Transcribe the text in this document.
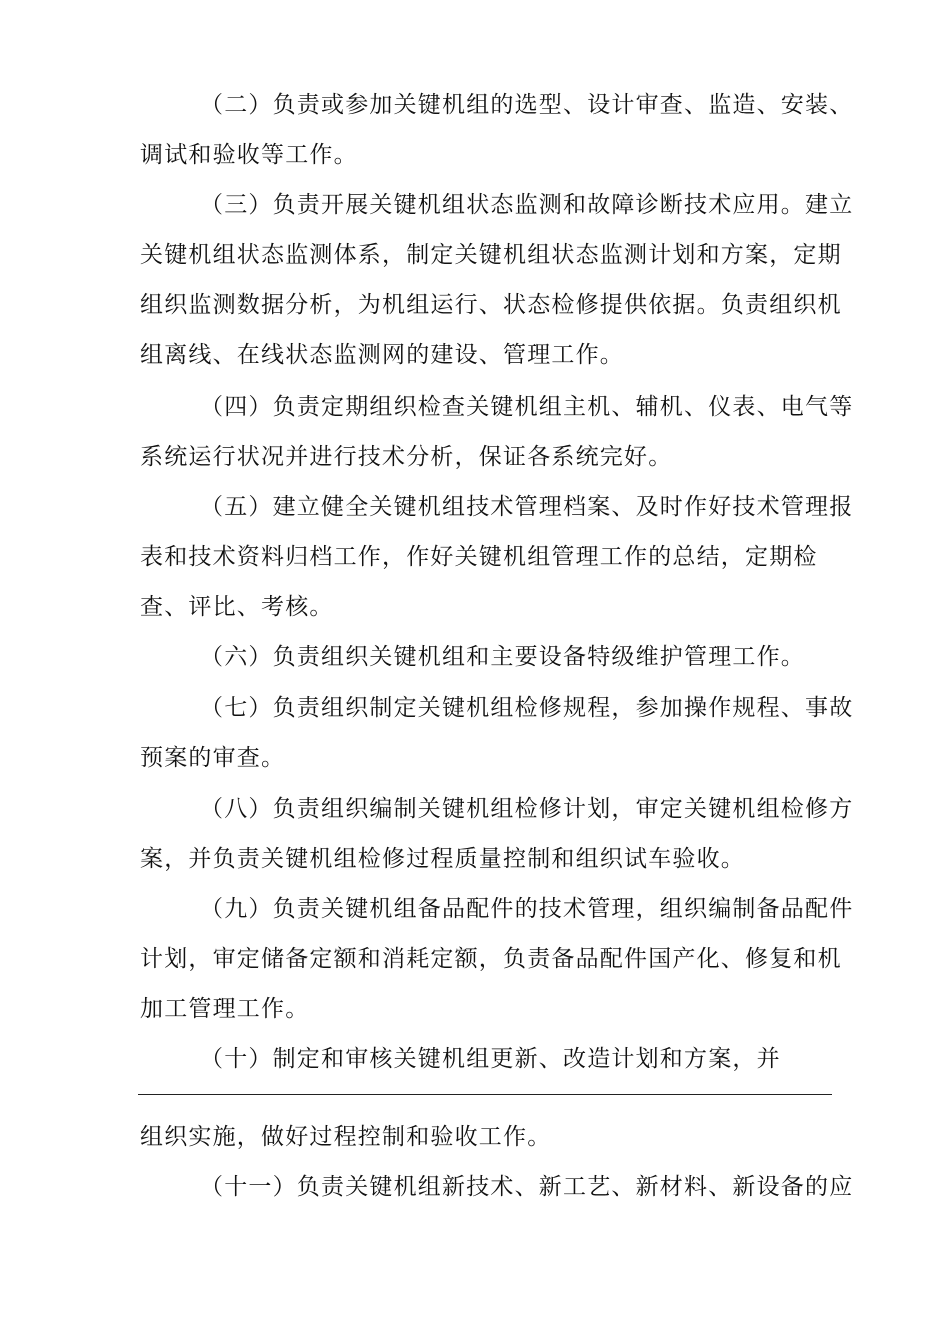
（二）负责或参加关键机组的选型、设计审查、监造、安装、
调试和验收等工作。
（三）负责开展关键机组状态监测和故障诊断技术应用。建立
关键机组状态监测体系，制定关键机组状态监测计划和方案，定期
组织监测数据分析，为机组运行、状态检修提供依据。负责组织机
组离线、在线状态监测网的建设、管理工作。
（四）负责定期组织检查关键机组主机、辅机、仪表、电气等
系统运行状况并进行技术分析，保证各系统完好。
（五）建立健全关键机组技术管理档案、及时作好技术管理报
表和技术资料归档工作，作好关键机组管理工作的总结，定期检
查、评比、考核。
（六）负责组织关键机组和主要设备特级维护管理工作。
（七）负责组织制定关键机组检修规程，参加操作规程、事故
预案的审查。
（八）负责组织编制关键机组检修计划，审定关键机组检修方
案，并负责关键机组检修过程质量控制和组织试车验收。
（九）负责关键机组备品配件的技术管理，组织编制备品配件
计划，审定储备定额和消耗定额，负责备品配件国产化、修复和机
加工管理工作。
（十）制定和审核关键机组更新、改造计划和方案，并
组织实施，做好过程控制和验收工作。
（十一）负责关键机组新技术、新工艺、新材料、新设备的应
